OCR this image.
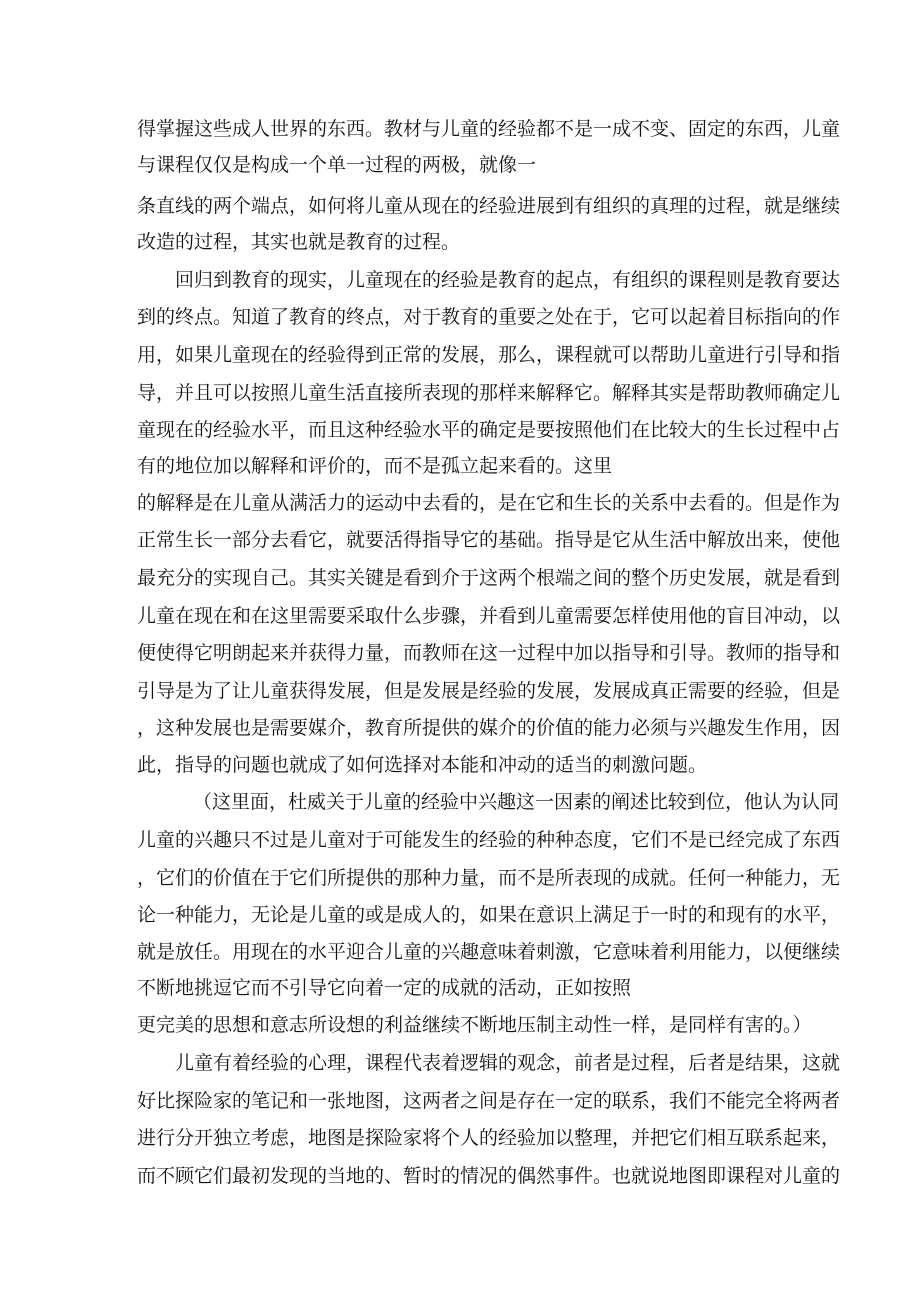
得掌握这些成人世界的东西。教材与儿童的经验都不是一成不变、固定的东西，儿童

与课程仅仅是构成一个单一过程的两极，就像一

条直线的两个端点，如何将儿童从现在的经验进展到有组织的真理的过程，就是继续

改造的过程，其实也就是教育的过程。

回归到教育的现实，儿童现在的经验是教育的起点，有组织的课程则是教育要达

到的终点。知道了教育的终点，对于教育的重要之处在于，它可以起着目标指向的作

用，如果儿童现在的经验得到正常的发展，那么，课程就可以帮助儿童进行引导和指

导，并且可以按照儿童生活直接所表现的那样来解释它。解释其实是帮助教师确定儿

童现在的经验水平，而且这种经验水平的确定是要按照他们在比较大的生长过程中占

有的地位加以解释和评价的，而不是孤立起来看的。这里

的解释是在儿童从满活力的运动中去看的，是在它和生长的关系中去看的。但是作为

正常生长一部分去看它，就要活得指导它的基础。指导是它从生活中解放出来，使他

最充分的实现自己。其实关键是看到介于这两个根端之间的整个历史发展，就是看到

儿童在现在和在这里需要采取什么步骤，并看到儿童需要怎样使用他的盲目冲动，以

便使得它明朗起来并获得力量，而教师在这一过程中加以指导和引导。教师的指导和

引导是为了让儿童获得发展，但是发展是经验的发展，发展成真正需要的经验，但是

，这种发展也是需要媒介，教育所提供的媒介的价值的能力必须与兴趣发生作用，因

此，指导的问题也就成了如何选择对本能和冲动的适当的刺激问题。

（这里面，杜威关于儿童的经验中兴趣这一因素的阐述比较到位，他认为认同

儿童的兴趣只不过是儿童对于可能发生的经验的种种态度，它们不是已经完成了东西

，它们的价值在于它们所提供的那种力量，而不是所表现的成就。任何一种能力，无

论一种能力，无论是儿童的或是成人的，如果在意识上满足于一时的和现有的水平，

就是放任。用现在的水平迎合儿童的兴趣意味着刺激，它意味着利用能力，以便继续

不断地挑逗它而不引导它向着一定的成就的活动，正如按照

更完美的思想和意志所设想的利益继续不断地压制主动性一样，是同样有害的。）

儿童有着经验的心理，课程代表着逻辑的观念，前者是过程，后者是结果，这就

好比探险家的笔记和一张地图，这两者之间是存在一定的联系，我们不能完全将两者

进行分开独立考虑，地图是探险家将个人的经验加以整理，并把它们相互联系起来，

而不顾它们最初发现的当地的、暂时的情况的偶然事件。也就说地图即课程对儿童的
